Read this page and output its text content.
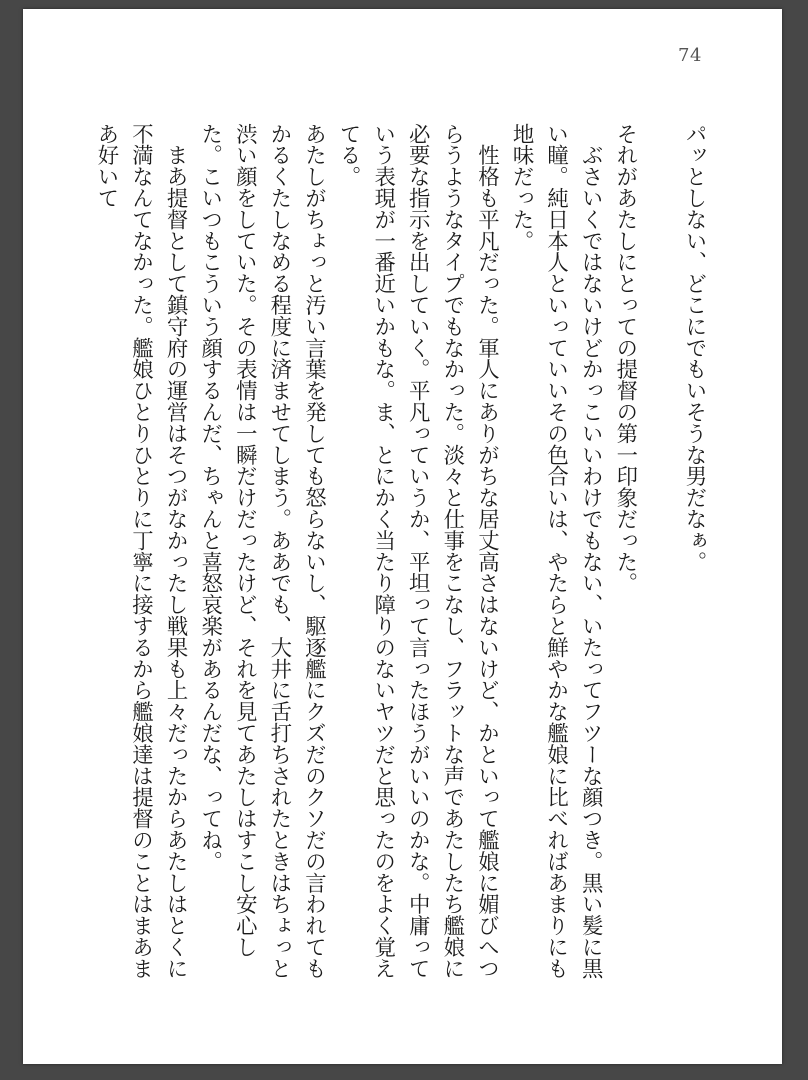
74

パッとしない、どこにでもいそうな男だなぁ。

それがあたしにとっての提督の第一印象だった。

　ぶさいくではないけどかっこいいわけでもない、いたってフツーな顔つき。黒い髪に黒い瞳。純日本人といっていいその色合いは、やたらと鮮やかな艦娘に比べればあまりにも地味だった。

　性格も平凡だった。軍人にありがちな居丈高さはないけど、かといって艦娘に媚びへつらうようなタイプでもなかった。淡々と仕事をこなし、フラットな声であたしたち艦娘に必要な指示を出していく。平凡っていうか、平坦って言ったほうがいいのかな。中庸っていう表現が一番近いかもな。ま、とにかく当たり障りのないヤツだと思ったのをよく覚えてる。

あたしがちょっと汚い言葉を発しても怒らないし、駆逐艦にクズだのクソだの言われてもかるくたしなめる程度に済ませてしまう。ああでも、大井に舌打ちされたときはちょっと渋い顔をしていた。その表情は一瞬だけだったけど、それを見てあたしはすこし安心した。こいつもこういう顔するんだ、ちゃんと喜怒哀楽があるんだな、ってね。

　まあ提督として鎮守府の運営はそつがなかったし戦果も上々だったからあたしはとくに不満なんてなかった。艦娘ひとりひとりに丁寧に接するから艦娘達は提督のことはまあまあ好いて
